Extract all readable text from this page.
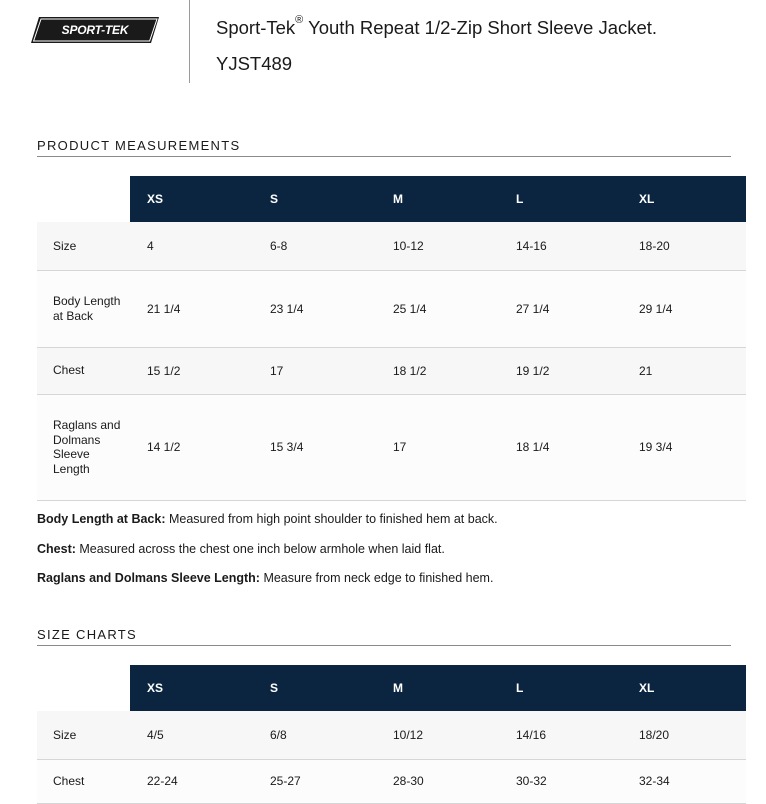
SPORT-TEK	Sport-Tek® Youth Repeat 1/2-Zip Short Sleeve Jacket.
YJST489
PRODUCT MEASUREMENTS
	XS	S	M	L	XL
Size	4	6-8	10-12	14-16	18-20
Body Length at Back	21 1/4	23 1/4	25 1/4	27 1/4	29 1/4
Chest	15 1/2	17	18 1/2	19 1/2	21
Raglans and Dolmans Sleeve Length	14 1/2	15 3/4	17	18 1/4	19 3/4
Body Length at Back: Measured from high point shoulder to finished hem at back.
Chest: Measured across the chest one inch below armhole when laid flat.
Raglans and Dolmans Sleeve Length: Measure from neck edge to finished hem.
SIZE CHARTS
	XS	S	M	L	XL
Size	4/5	6/8	10/12	14/16	18/20
Chest	22-24	25-27	28-30	30-32	32-34
